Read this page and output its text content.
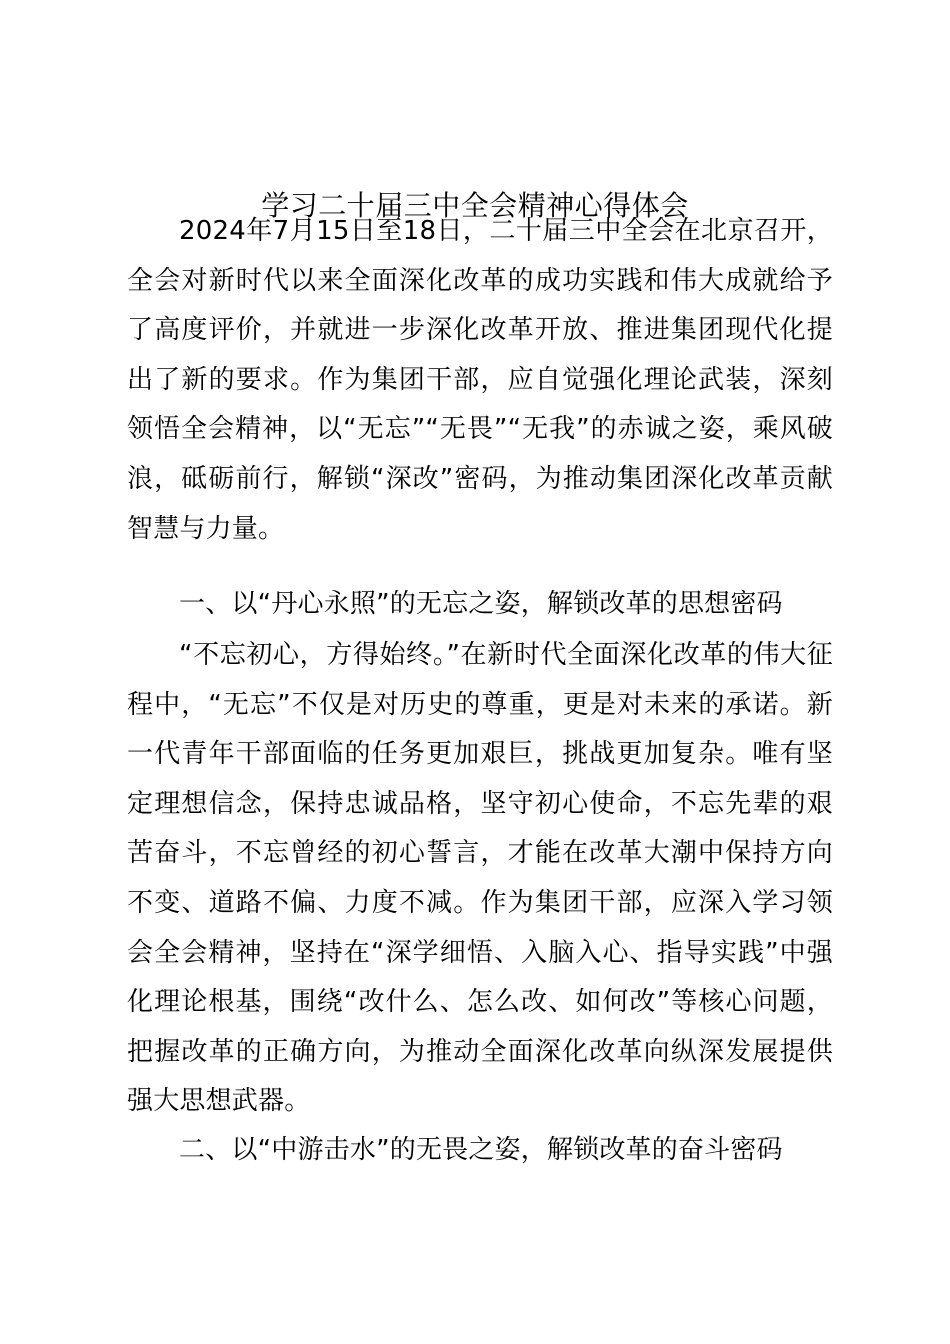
学习二十届三中全会精神心得体会

2024年7月15日至18日，二十届三中全会在北京召开，全会对新时代以来全面深化改革的成功实践和伟大成就给予了高度评价，并就进一步深化改革开放、推进集团现代化提出了新的要求。作为集团干部，应自觉强化理论武装，深刻领悟全会精神，以“无忘”“无畏”“无我”的赤诚之姿，乘风破浪，砥砺前行，解锁“深改”密码，为推动集团深化改革贡献智慧与力量。

一、以“丹心永照”的无忘之姿，解锁改革的思想密码

“不忘初心，方得始终。”在新时代全面深化改革的伟大征程中，“无忘”不仅是对历史的尊重，更是对未来的承诺。新一代青年干部面临的任务更加艰巨，挑战更加复杂。唯有坚定理想信念，保持忠诚品格，坚守初心使命，不忘先辈的艰苦奋斗，不忘曾经的初心誓言，才能在改革大潮中保持方向不变、道路不偏、力度不减。作为集团干部，应深入学习领会全会精神，坚持在“深学细悟、入脑入心、指导实践”中强化理论根基，围绕“改什么、怎么改、如何改”等核心问题，把握改革的正确方向，为推动全面深化改革向纵深发展提供强大思想武器。

二、以“中游击水”的无畏之姿，解锁改革的奋斗密码
